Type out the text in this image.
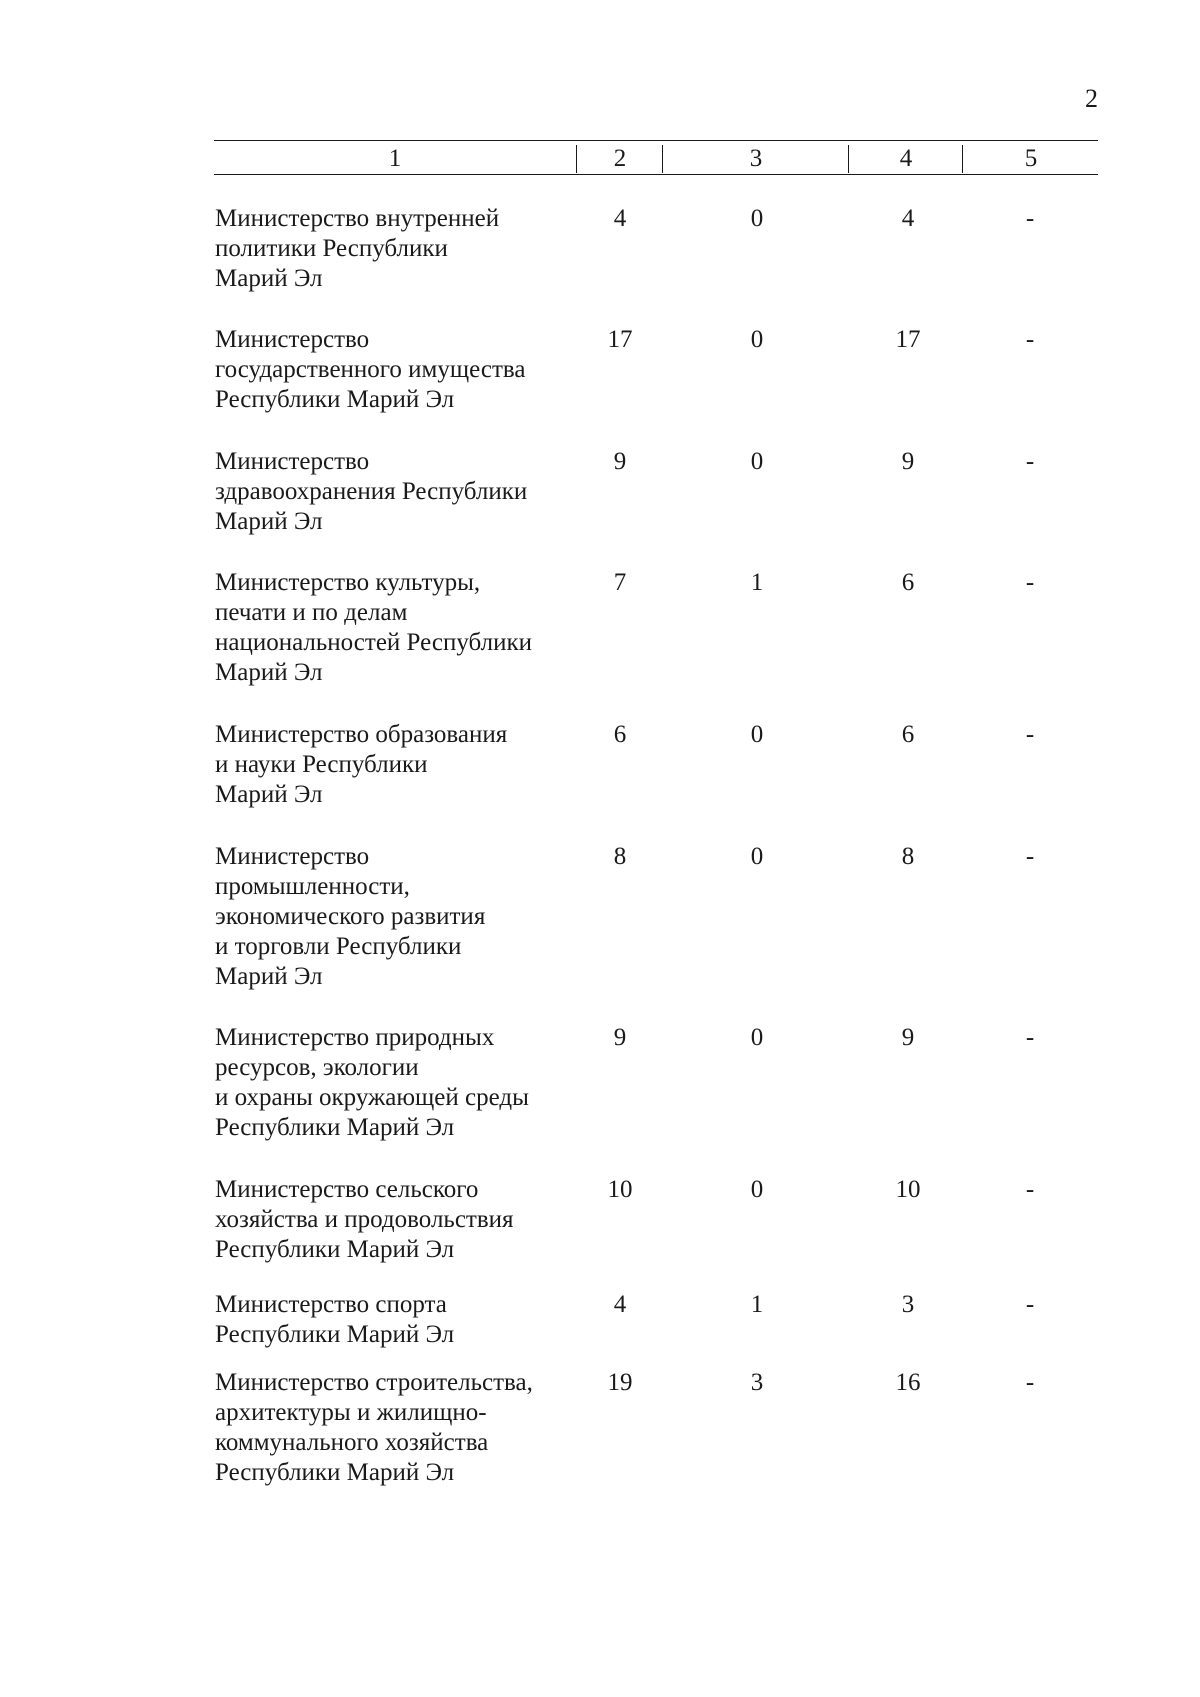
2
1	2	3	4	5
Министерство внутренней
политики Республики
Марий Эл
4	0	4	-
Министерство
государственного имущества
Республики Марий Эл
17	0	17	-
Министерство
здравоохранения Республики
Марий Эл
9	0	9	-
Министерство культуры,
печати и по делам
национальностей Республики
Марий Эл
7	1	6	-
Министерство образования
и науки Республики
Марий Эл
6	0	6	-
Министерство
промышленности,
экономического развития
и торговли Республики
Марий Эл
8	0	8	-
Министерство природных
ресурсов, экологии
и охраны окружающей среды
Республики Марий Эл
9	0	9	-
Министерство сельского
хозяйства и продовольствия
Республики Марий Эл
10	0	10	-
Министерство спорта
Республики Марий Эл
4	1	3	-
Министерство строительства,
архитектуры и жилищно-
коммунального хозяйства
Республики Марий Эл
19	3	16	-
